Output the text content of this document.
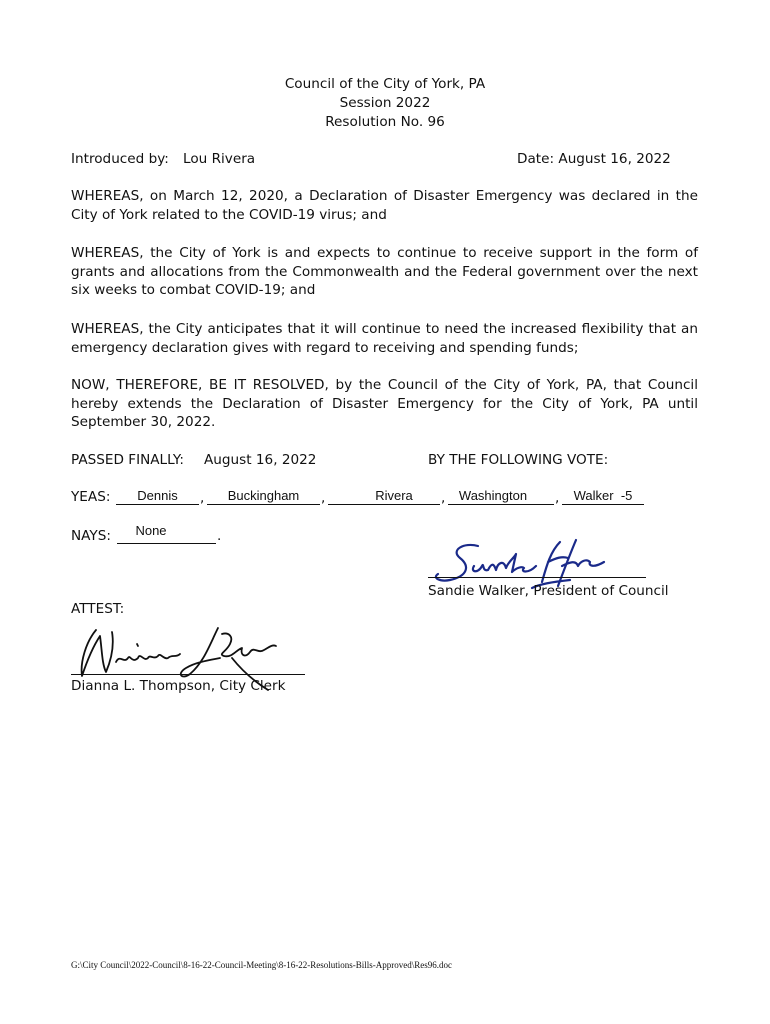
Council of the City of York, PA
Session 2022
Resolution No. 96
Introduced by: Lou Rivera	Date: August 16, 2022
WHEREAS, on March 12, 2020, a Declaration of Disaster Emergency was declared in the City of York related to the COVID-19 virus; and
WHEREAS, the City of York is and expects to continue to receive support in the form of grants and allocations from the Commonwealth and the Federal government over the next six weeks to combat COVID-19; and
WHEREAS, the City anticipates that it will continue to need the increased flexibility that an emergency declaration gives with regard to receiving and spending funds;
NOW, THEREFORE, BE IT RESOLVED, by the Council of the City of York, PA, that Council hereby extends the Declaration of Disaster Emergency for the City of York, PA until September 30, 2022.
PASSED FINALLY: August 16, 2022	BY THE FOLLOWING VOTE:
YEAS:	Dennis	,	Buckingham	,	Rivera	,	Washington	,	Walker  -5
NAYS:	None	.
Sandie Walker, President of Council
ATTEST:
Dianna L. Thompson, City Clerk
G:\City Council\2022-Council\8-16-22-Council-Meeting\8-16-22-Resolutions-Bills-Approved\Res96.doc
